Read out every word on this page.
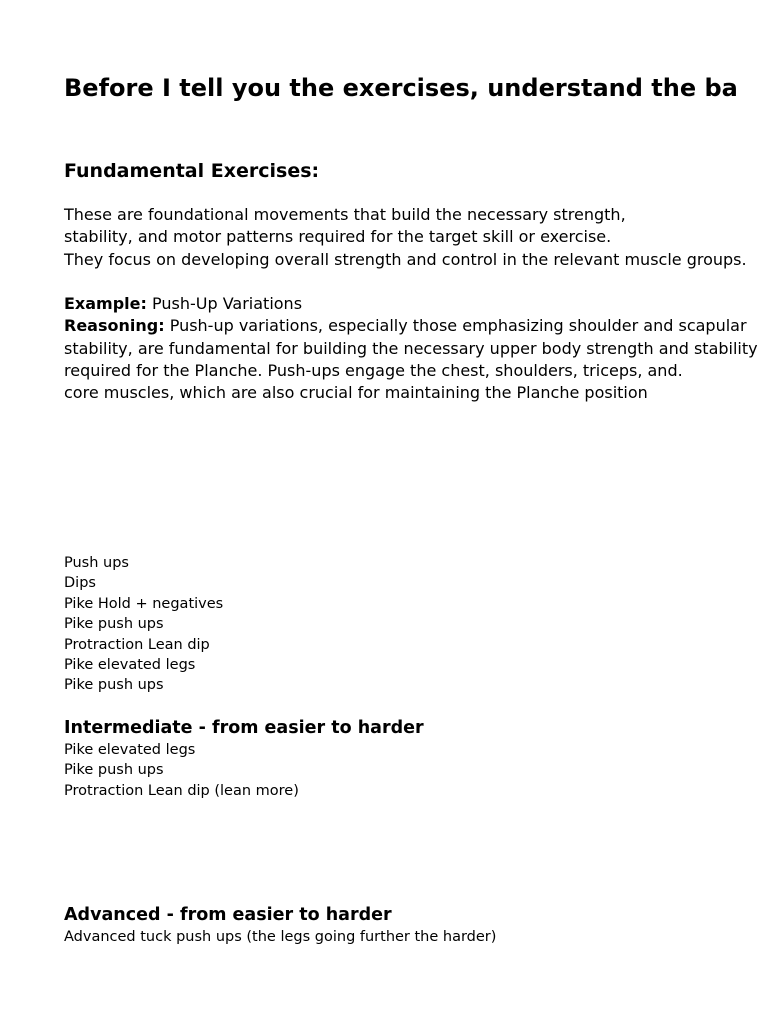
Before I tell you the exercises, understand the ba
Fundamental Exercises:
These are foundational movements that build the necessary strength,
stability, and motor patterns required for the target skill or exercise.
They focus on developing overall strength and control in the relevant muscle groups.
Example: Push-Up Variations
Reasoning: Push-up variations, especially those emphasizing shoulder and scapular
stability, are fundamental for building the necessary upper body strength and stability
required for the Planche. Push-ups engage the chest, shoulders, triceps, and.
core muscles, which are also crucial for maintaining the Planche position
Push ups
Dips
Pike Hold + negatives
Pike push ups
Protraction Lean dip
Pike elevated legs
Pike push ups
Intermediate - from easier to harder
Pike elevated legs
Pike push ups
Protraction Lean dip (lean more)
Advanced - from easier to harder
Advanced tuck push ups (the legs going further the harder)
